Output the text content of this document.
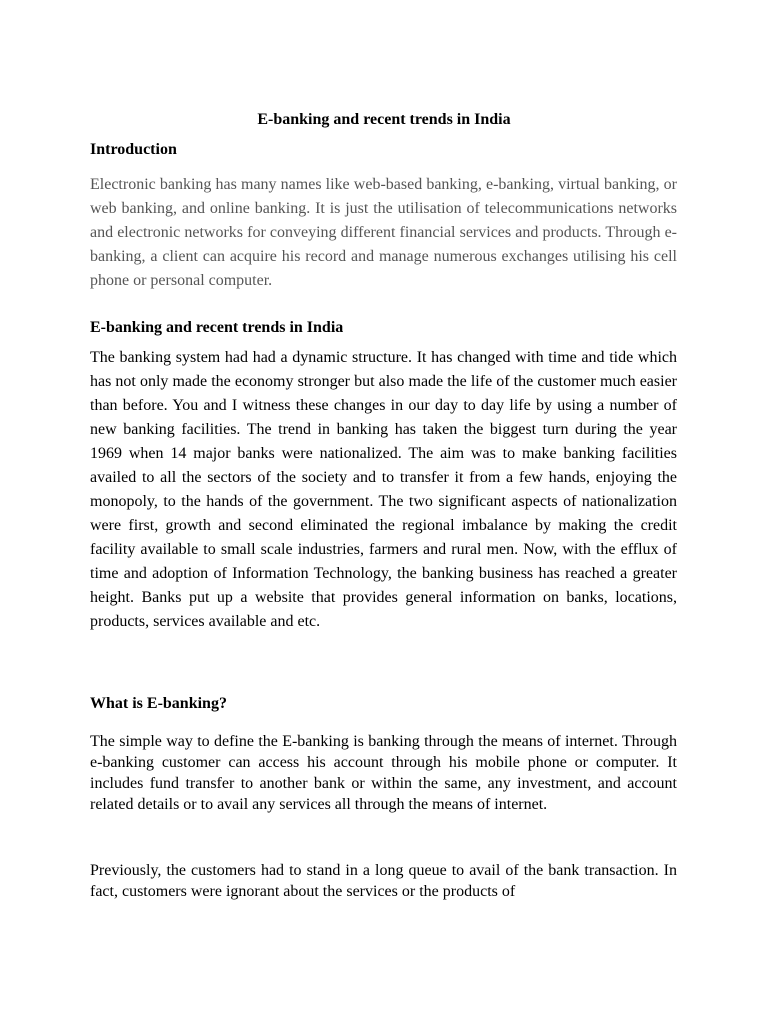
E-banking and recent trends in India
Introduction

Electronic banking has many names like web-based banking, e-banking, virtual banking, or web banking, and online banking. It is just the utilisation of telecommunications networks and electronic networks for conveying different financial services and products. Through e-banking, a client can acquire his record and manage numerous exchanges utilising his cell phone or personal computer.

E-banking and recent trends in India

The banking system had had a dynamic structure. It has changed with time and tide which has not only made the economy stronger but also made the life of the customer much easier than before. You and I witness these changes in our day to day life by using a number of new banking facilities. The trend in banking has taken the biggest turn during the year 1969 when 14 major banks were nationalized. The aim was to make banking facilities availed to all the sectors of the society and to transfer it from a few hands, enjoying the monopoly, to the hands of the government. The two significant aspects of nationalization were first, growth and second eliminated the regional imbalance by making the credit facility available to small scale industries, farmers and rural men. Now, with the efflux of time and adoption of Information Technology, the banking business has reached a greater height. Banks put up a website that provides general information on banks, locations, products, services available and etc.

What is E-banking?

The simple way to define the E-banking is banking through the means of internet. Through e-banking customer can access his account through his mobile phone or computer. It includes fund transfer to another bank or within the same, any investment, and account related details or to avail any services all through the means of internet.

Previously, the customers had to stand in a long queue to avail of the bank transaction. In fact, customers were ignorant about the services or the products of
